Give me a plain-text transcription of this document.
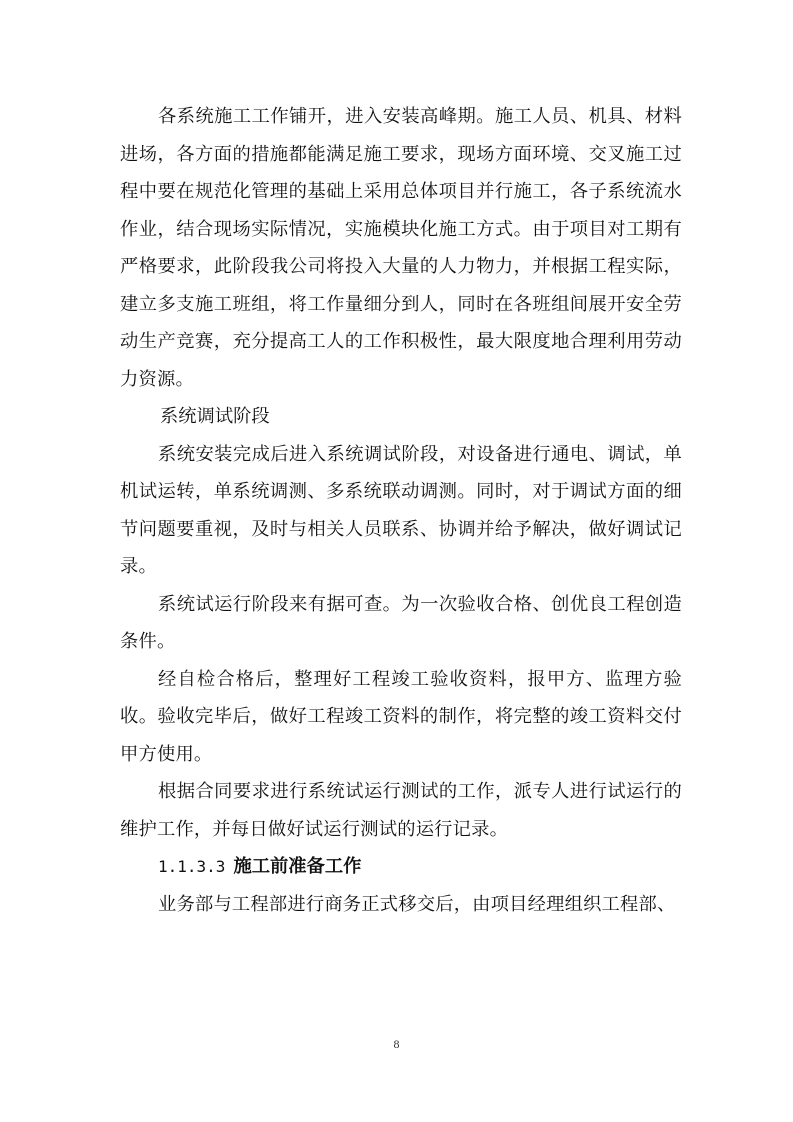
各系统施工工作铺开，进入安装高峰期。施工人员、机具、材料进场，各方面的措施都能满足施工要求，现场方面环境、交叉施工过程中要在规范化管理的基础上采用总体项目并行施工，各子系统流水作业，结合现场实际情况，实施模块化施工方式。由于项目对工期有严格要求，此阶段我公司将投入大量的人力物力，并根据工程实际，建立多支施工班组，将工作量细分到人，同时在各班组间展开安全劳动生产竞赛，充分提高工人的工作积极性，最大限度地合理利用劳动力资源。

系统调试阶段

系统安装完成后进入系统调试阶段，对设备进行通电、调试，单机试运转，单系统调测、多系统联动调测。同时，对于调试方面的细节问题要重视，及时与相关人员联系、协调并给予解决，做好调试记录。

系统试运行阶段来有据可查。为一次验收合格、创优良工程创造条件。

经自检合格后，整理好工程竣工验收资料，报甲方、监理方验收。验收完毕后，做好工程竣工资料的制作，将完整的竣工资料交付甲方使用。

根据合同要求进行系统试运行测试的工作，派专人进行试运行的维护工作，并每日做好试运行测试的运行记录。

1.1.3.3 施工前准备工作

业务部与工程部进行商务正式移交后，由项目经理组织工程部、

8
